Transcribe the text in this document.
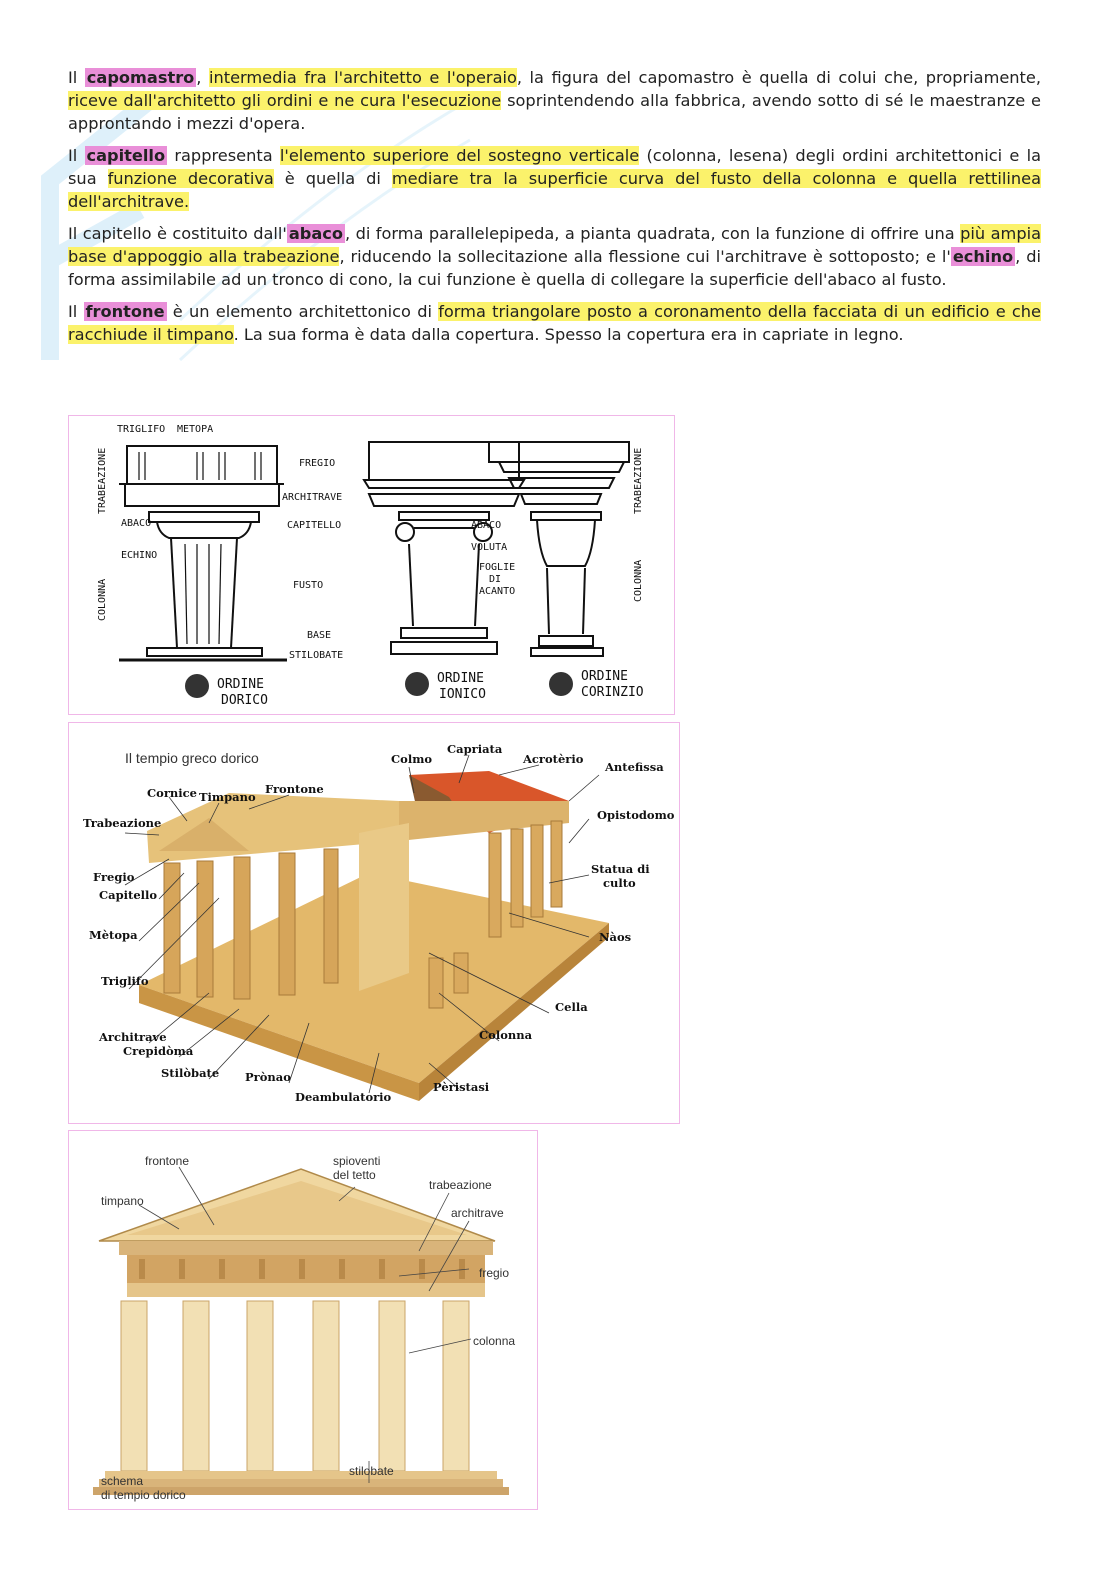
Il capomastro , intermedia fra l'architetto e l'operaio, la figura del capomastro è quella di colui che, propriamente, riceve dall'architetto gli ordini e ne cura l'esecuzione soprintendendo alla fabbrica, avendo sotto di sé le maestranze e approntando i mezzi d'opera.

Il capitello rappresenta l'elemento superiore del sostegno verticale (colonna, lesena) degli ordini architettonici e la sua funzione decorativa è quella di mediare tra la superficie curva del fusto della colonna e quella rettilinea dell'architrave.

Il capitello è costituito dall' abaco , di forma parallelepipeda, a pianta quadrata, con la funzione di offrire una più ampia base d'appoggio alla trabeazione, riducendo la sollecitazione alla flessione cui l'architrave è sottoposto; e l' echino , di forma assimilabile ad un tronco di cono, la cui funzione è quella di collegare la superficie dell'abaco al fusto.

Il frontone è un elemento architettonico di forma triangolare posto a coronamento della facciata di un edificio e che racchiude il timpano. La sua forma è data dalla copertura. Spesso la copertura era in capriate in legno.

TRIGLIFO METOPA
TRABEAZIONE
COLONNA
ABACO
ECHINO
FREGIO
ARCHITRAVE
CAPITELLO
FUSTO
BASE
STILOBATE
ABACO
VOLUTA
FOGLIE
DI
ACANTO
TRABEAZIONE
COLONNA
ORDINE
DORICO
ORDINE
IONICO
ORDINE
CORINZIO
Il tempio greco dorico	Colmo
Capriata
Acrotèrio
Antefissa
Cornice Timpano
Frontone
Opistodomo
Trabeazione
Statua di
culto
Fregio
Capitello
Mètopa	Nàos
Triglifo
Cella
Architrave	Colonna
Crepidòma
Stilòbate Prònao
Deambulatorio
Pèristasi
frontone	spioventi
del tetto
trabeazione
timpano
architrave
fregio
colonna
stilobate
schema
di tempio dorico
